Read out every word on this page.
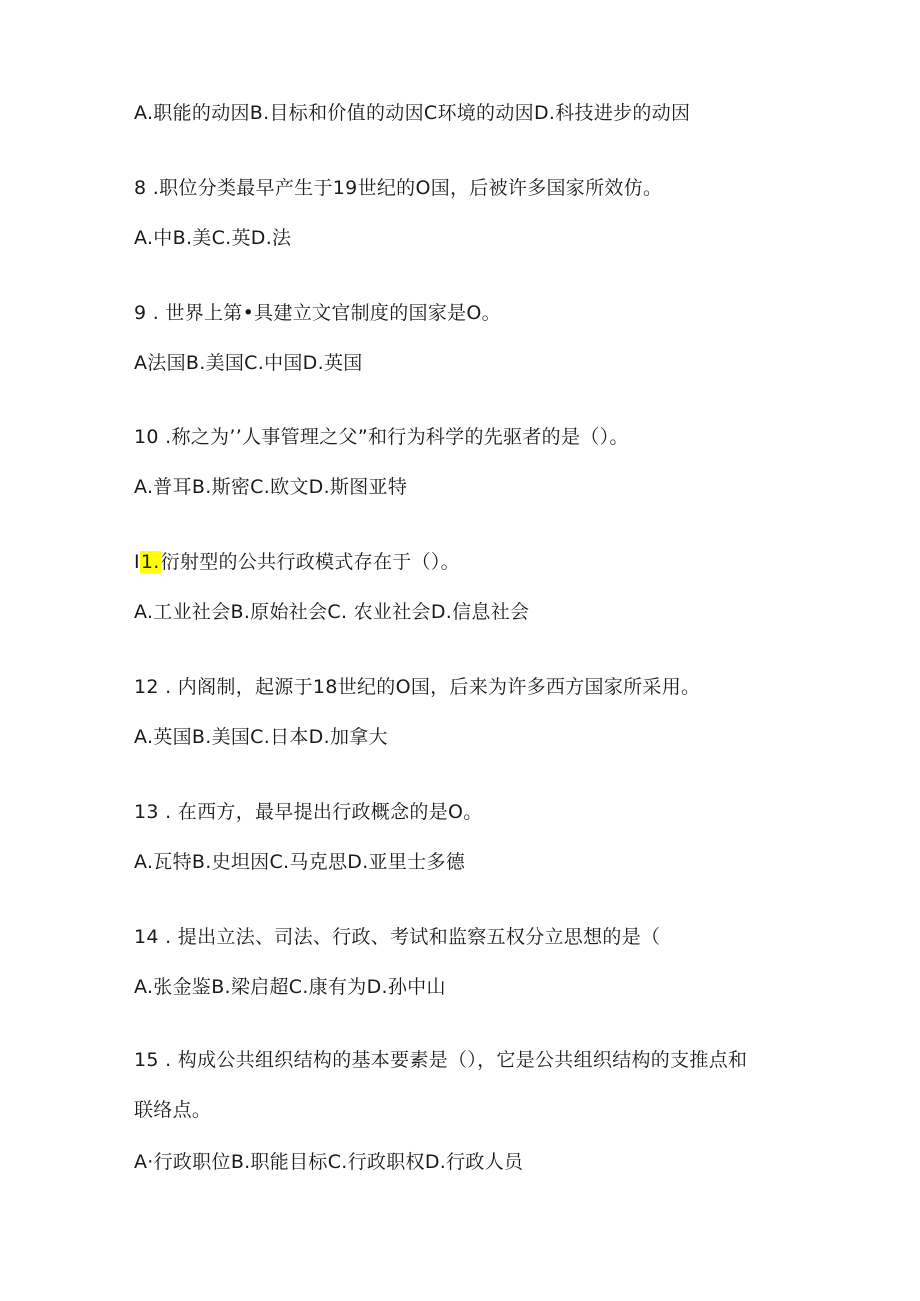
A.职能的动因B.目标和价值的动因C环境的动因D.科技进步的动因
8 .职位分类最早产生于19世纪的O国，后被许多国家所效仿。
A.中B.美C.英D.法
9 . 世界上第•具建立文官制度的国家是O。
A法国B.美国C.中国D.英国
10 .称之为’’人事管理之父”和行为科学的先驱者的是（）。
A.普耳B.斯密C.欧文D.斯图亚特
I1.衍射型的公共行政模式存在于（）。
A.工业社会B.原始社会C. 农业社会D.信息社会
12 . 内阁制，起源于18世纪的O国，后来为许多西方国家所采用。
A.英国B.美国C.日本D.加拿大
13 . 在西方，最早提出行政概念的是O。
A.瓦特B.史坦因C.马克思D.亚里士多德
14 . 提出立法、司法、行政、考试和监察五权分立思想的是（
A.张金鉴B.梁启超C.康有为D.孙中山
15 . 构成公共组织结构的基本要素是（），它是公共组织结构的支推点和
联络点。
A·行政职位B.职能目标C.行政职权D.行政人员
